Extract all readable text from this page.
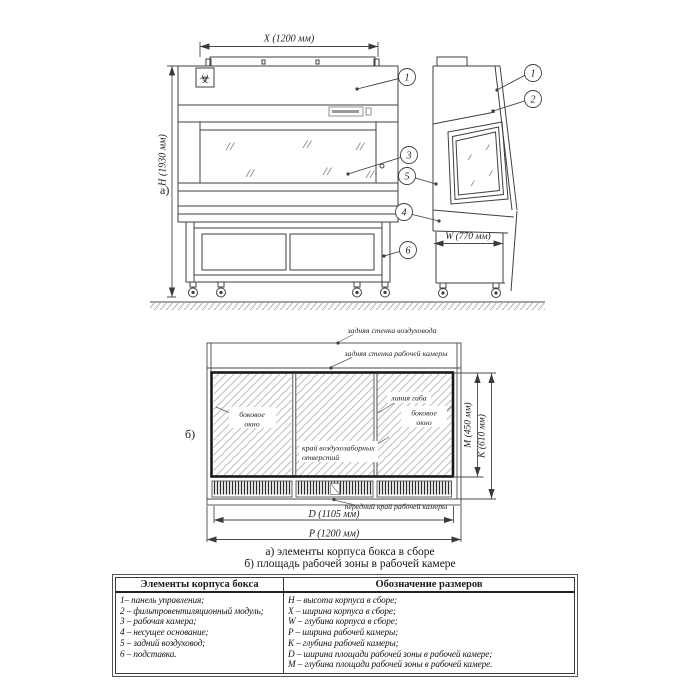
☣
X (1200 мм)
H (1930 мм)
W (770 мм)
1	1
2
3
5
4
6
а)
задняя стенка воздуховода
задняя стенка рабочей камеры
линия гиба
боковое
окно
боковое
окно
край воздухозаборных
отверстий
передний край рабочей камеры
D (1105 мм)
P (1200 мм)
M (450 мм) K (610 мм)
б)
а) элементы корпуса бокса в сборе
б) площадь рабочей зоны в рабочей камере
Элементы корпуса бокса	Обозначение размеров
1– панель управления;
2 – фильтровентиляционный модуль;
3 – рабочая камера;
4 – несущее основание;
5 – задний воздуховод;
6 – подставка.
H – высота корпуса в сборе;
X – ширина корпуса в сборе;
W – глубина корпуса в сборе;
P – ширина рабочей камеры;
K – глубина рабочей камеры;
D – ширина площади рабочей зоны в рабочей камере;
M – глубина площади рабочей зоны в рабочей камере.
